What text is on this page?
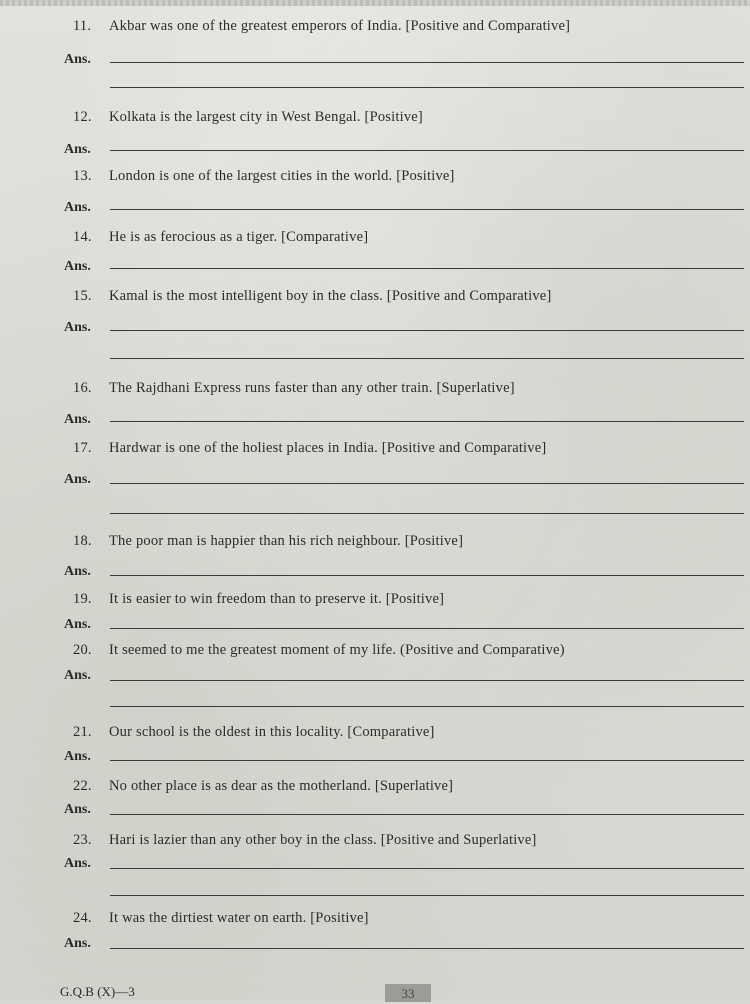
11. Akbar was one of the greatest emperors of India. [Positive and Comparative]
Ans.
12. Kolkata is the largest city in West Bengal. [Positive]
Ans.
13. London is one of the largest cities in the world. [Positive]
Ans.
14. He is as ferocious as a tiger. [Comparative]
Ans.
15. Kamal is the most intelligent boy in the class. [Positive and Comparative]
Ans.
16. The Rajdhani Express runs faster than any other train. [Superlative]
Ans.
17. Hardwar is one of the holiest places in India. [Positive and Comparative]
Ans.
18. The poor man is happier than his rich neighbour. [Positive]
Ans.
19. It is easier to win freedom than to preserve it. [Positive]
Ans.
20. It seemed to me the greatest moment of my life. (Positive and Comparative)
Ans.
21. Our school is the oldest in this locality. [Comparative]
Ans.
22. No other place is as dear as the motherland. [Superlative]
Ans.
23. Hari is lazier than any other boy in the class. [Positive and Superlative]
Ans.
24. It was the dirtiest water on earth. [Positive]
Ans.
G.Q.B (X)—3	33
